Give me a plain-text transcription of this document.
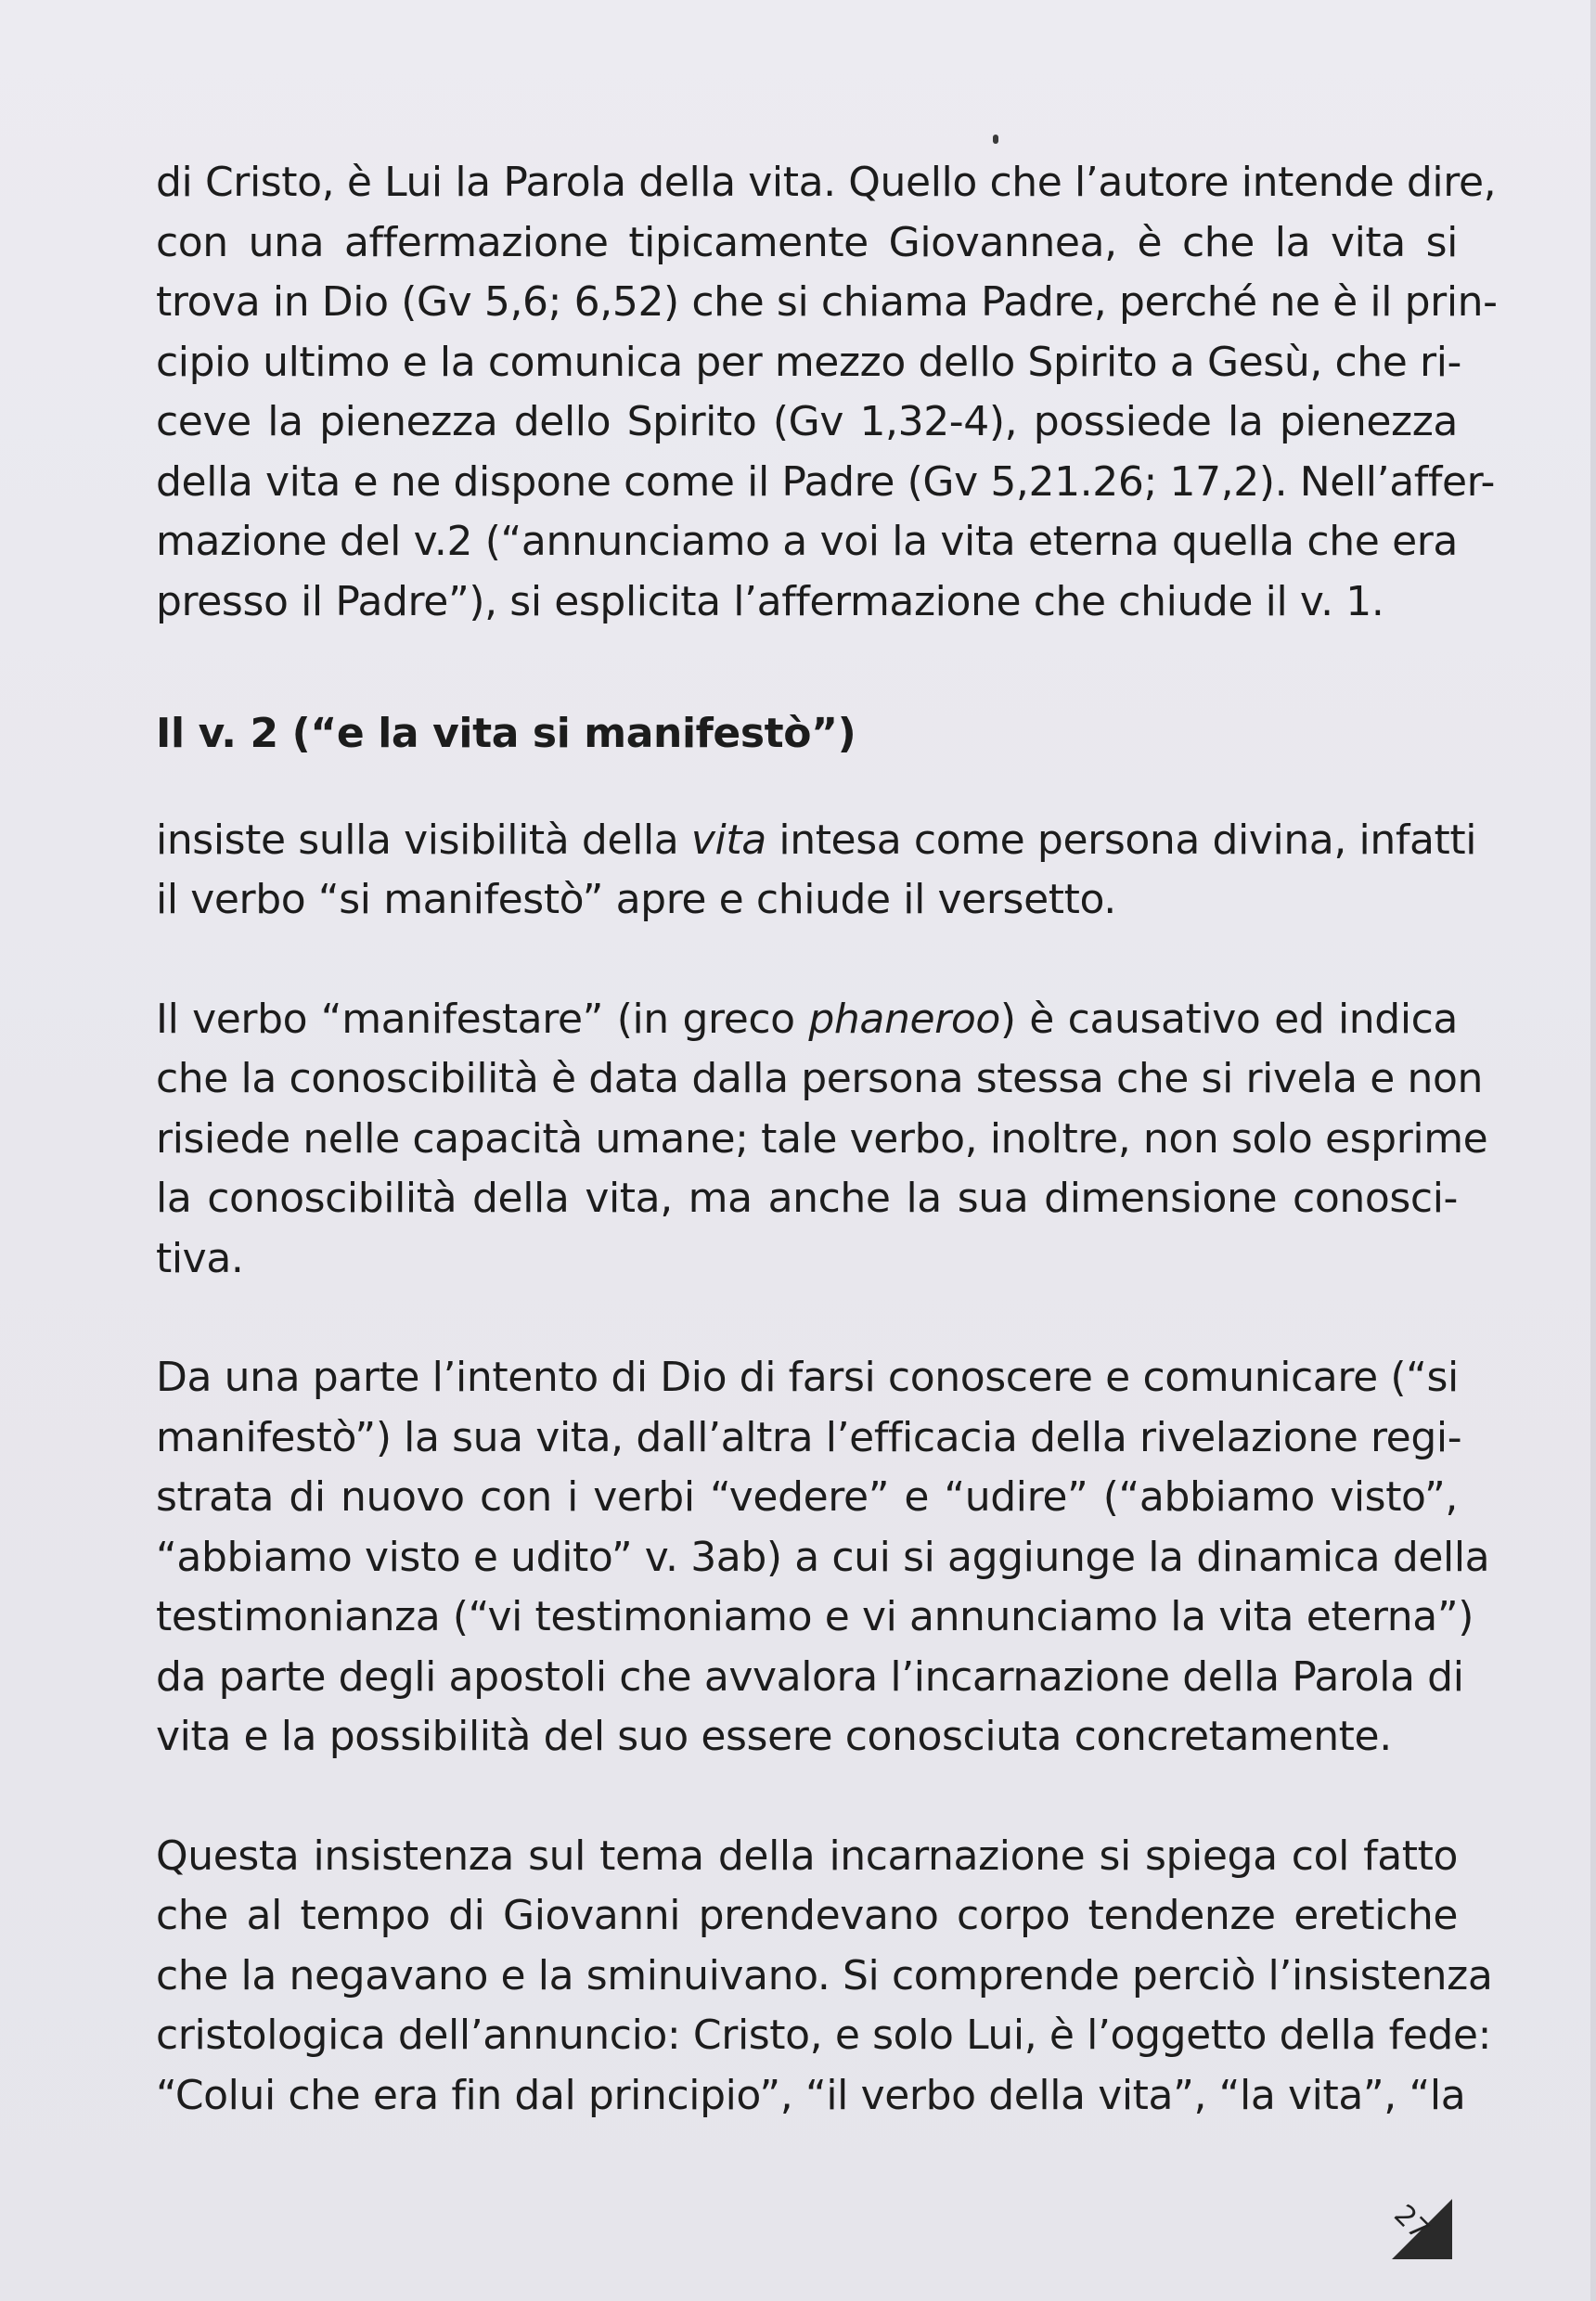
di Cristo, è Lui la Parola della vita. Quello che l’autore intende dire,
con una affermazione tipicamente Giovannea, è che la vita si
trova in Dio (Gv 5,6; 6,52) che si chiama Padre, perché ne è il prin-
cipio ultimo e la comunica per mezzo dello Spirito a Gesù, che ri-
ceve la pienezza dello Spirito (Gv 1,32-4), possiede la pienezza
della vita e ne dispone come il Padre (Gv 5,21.26; 17,2). Nell’affer-
mazione del v.2 (“annunciamo a voi la vita eterna quella che era
presso il Padre”), si esplicita l’affermazione che chiude il v. 1.
Il v. 2 (“e la vita si manifestò”)
insiste sulla visibilità della vita intesa come persona divina, infatti
il verbo “si manifestò” apre e chiude il versetto.
Il verbo “manifestare” (in greco phaneroo) è causativo ed indica
che la conoscibilità è data dalla persona stessa che si rivela e non
risiede nelle capacità umane; tale verbo, inoltre, non solo esprime
la conoscibilità della vita, ma anche la sua dimensione conosci-
tiva.
Da una parte l’intento di Dio di farsi conoscere e comunicare (“si
manifestò”) la sua vita, dall’altra l’efficacia della rivelazione regi-
strata di nuovo con i verbi “vedere” e “udire” (“abbiamo visto”,
“abbiamo visto e udito” v. 3ab) a cui si aggiunge la dinamica della
testimonianza (“vi testimoniamo e vi annunciamo la vita eterna”)
da parte degli apostoli che avvalora l’incarnazione della Parola di
vita e la possibilità del suo essere conosciuta concretamente.
Questa insistenza sul tema della incarnazione si spiega col fatto
che al tempo di Giovanni prendevano corpo tendenze eretiche
che la negavano e la sminuivano. Si comprende perciò l’insistenza
cristologica dell’annuncio: Cristo, e solo Lui, è l’oggetto della fede:
“Colui che era fin dal principio”, “il verbo della vita”, “la vita”, “la
27
